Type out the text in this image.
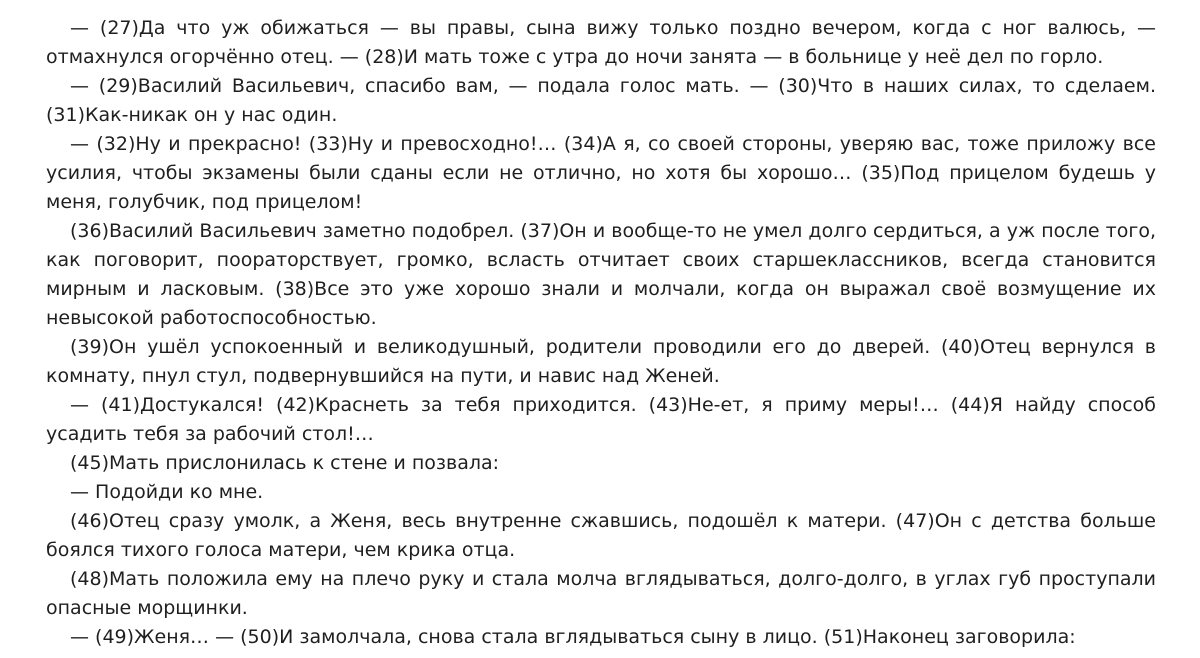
— (27)Да что уж обижаться — вы правы, сына вижу только поздно вечером, когда с ног валюсь, — отмахнулся огорчённо отец. — (28)И мать тоже с утра до ночи занята — в больнице у неё дел по горло.

— (29)Василий Васильевич, спасибо вам, — подала голос мать. — (30)Что в наших силах, то сделаем. (31)Как-никак он у нас один.

— (32)Ну и прекрасно! (33)Ну и превосходно!… (34)А я, со своей стороны, уверяю вас, тоже приложу все усилия, чтобы экзамены были сданы если не отлично, но хотя бы хорошо… (35)Под прицелом будешь у меня, голубчик, под прицелом!

(36)Василий Васильевич заметно подобрел. (37)Он и вообще-то не умел долго сердиться, а уж после того, как поговорит, поораторствует, громко, всласть отчитает своих старшеклассников, всегда становится мирным и ласковым. (38)Все это уже хорошо знали и молчали, когда он выражал своё возмущение их невысокой работоспособностью.

(39)Он ушёл успокоенный и великодушный, родители проводили его до дверей. (40)Отец вернулся в комнату, пнул стул, подвернувшийся на пути, и навис над Женей.

— (41)Достукался! (42)Краснеть за тебя приходится. (43)Не-ет, я приму меры!… (44)Я найду способ усадить тебя за рабочий стол!…

(45)Мать прислонилась к стене и позвала:

— Подойди ко мне.

(46)Отец сразу умолк, а Женя, весь внутренне сжавшись, подошёл к матери. (47)Он с детства больше боялся тихого голоса матери, чем крика отца.

(48)Мать положила ему на плечо руку и стала молча вглядываться, долго-долго, в углах губ проступали опасные морщинки.

— (49)Женя… — (50)И замолчала, снова стала вглядываться сыну в лицо. (51)Наконец заговорила:
